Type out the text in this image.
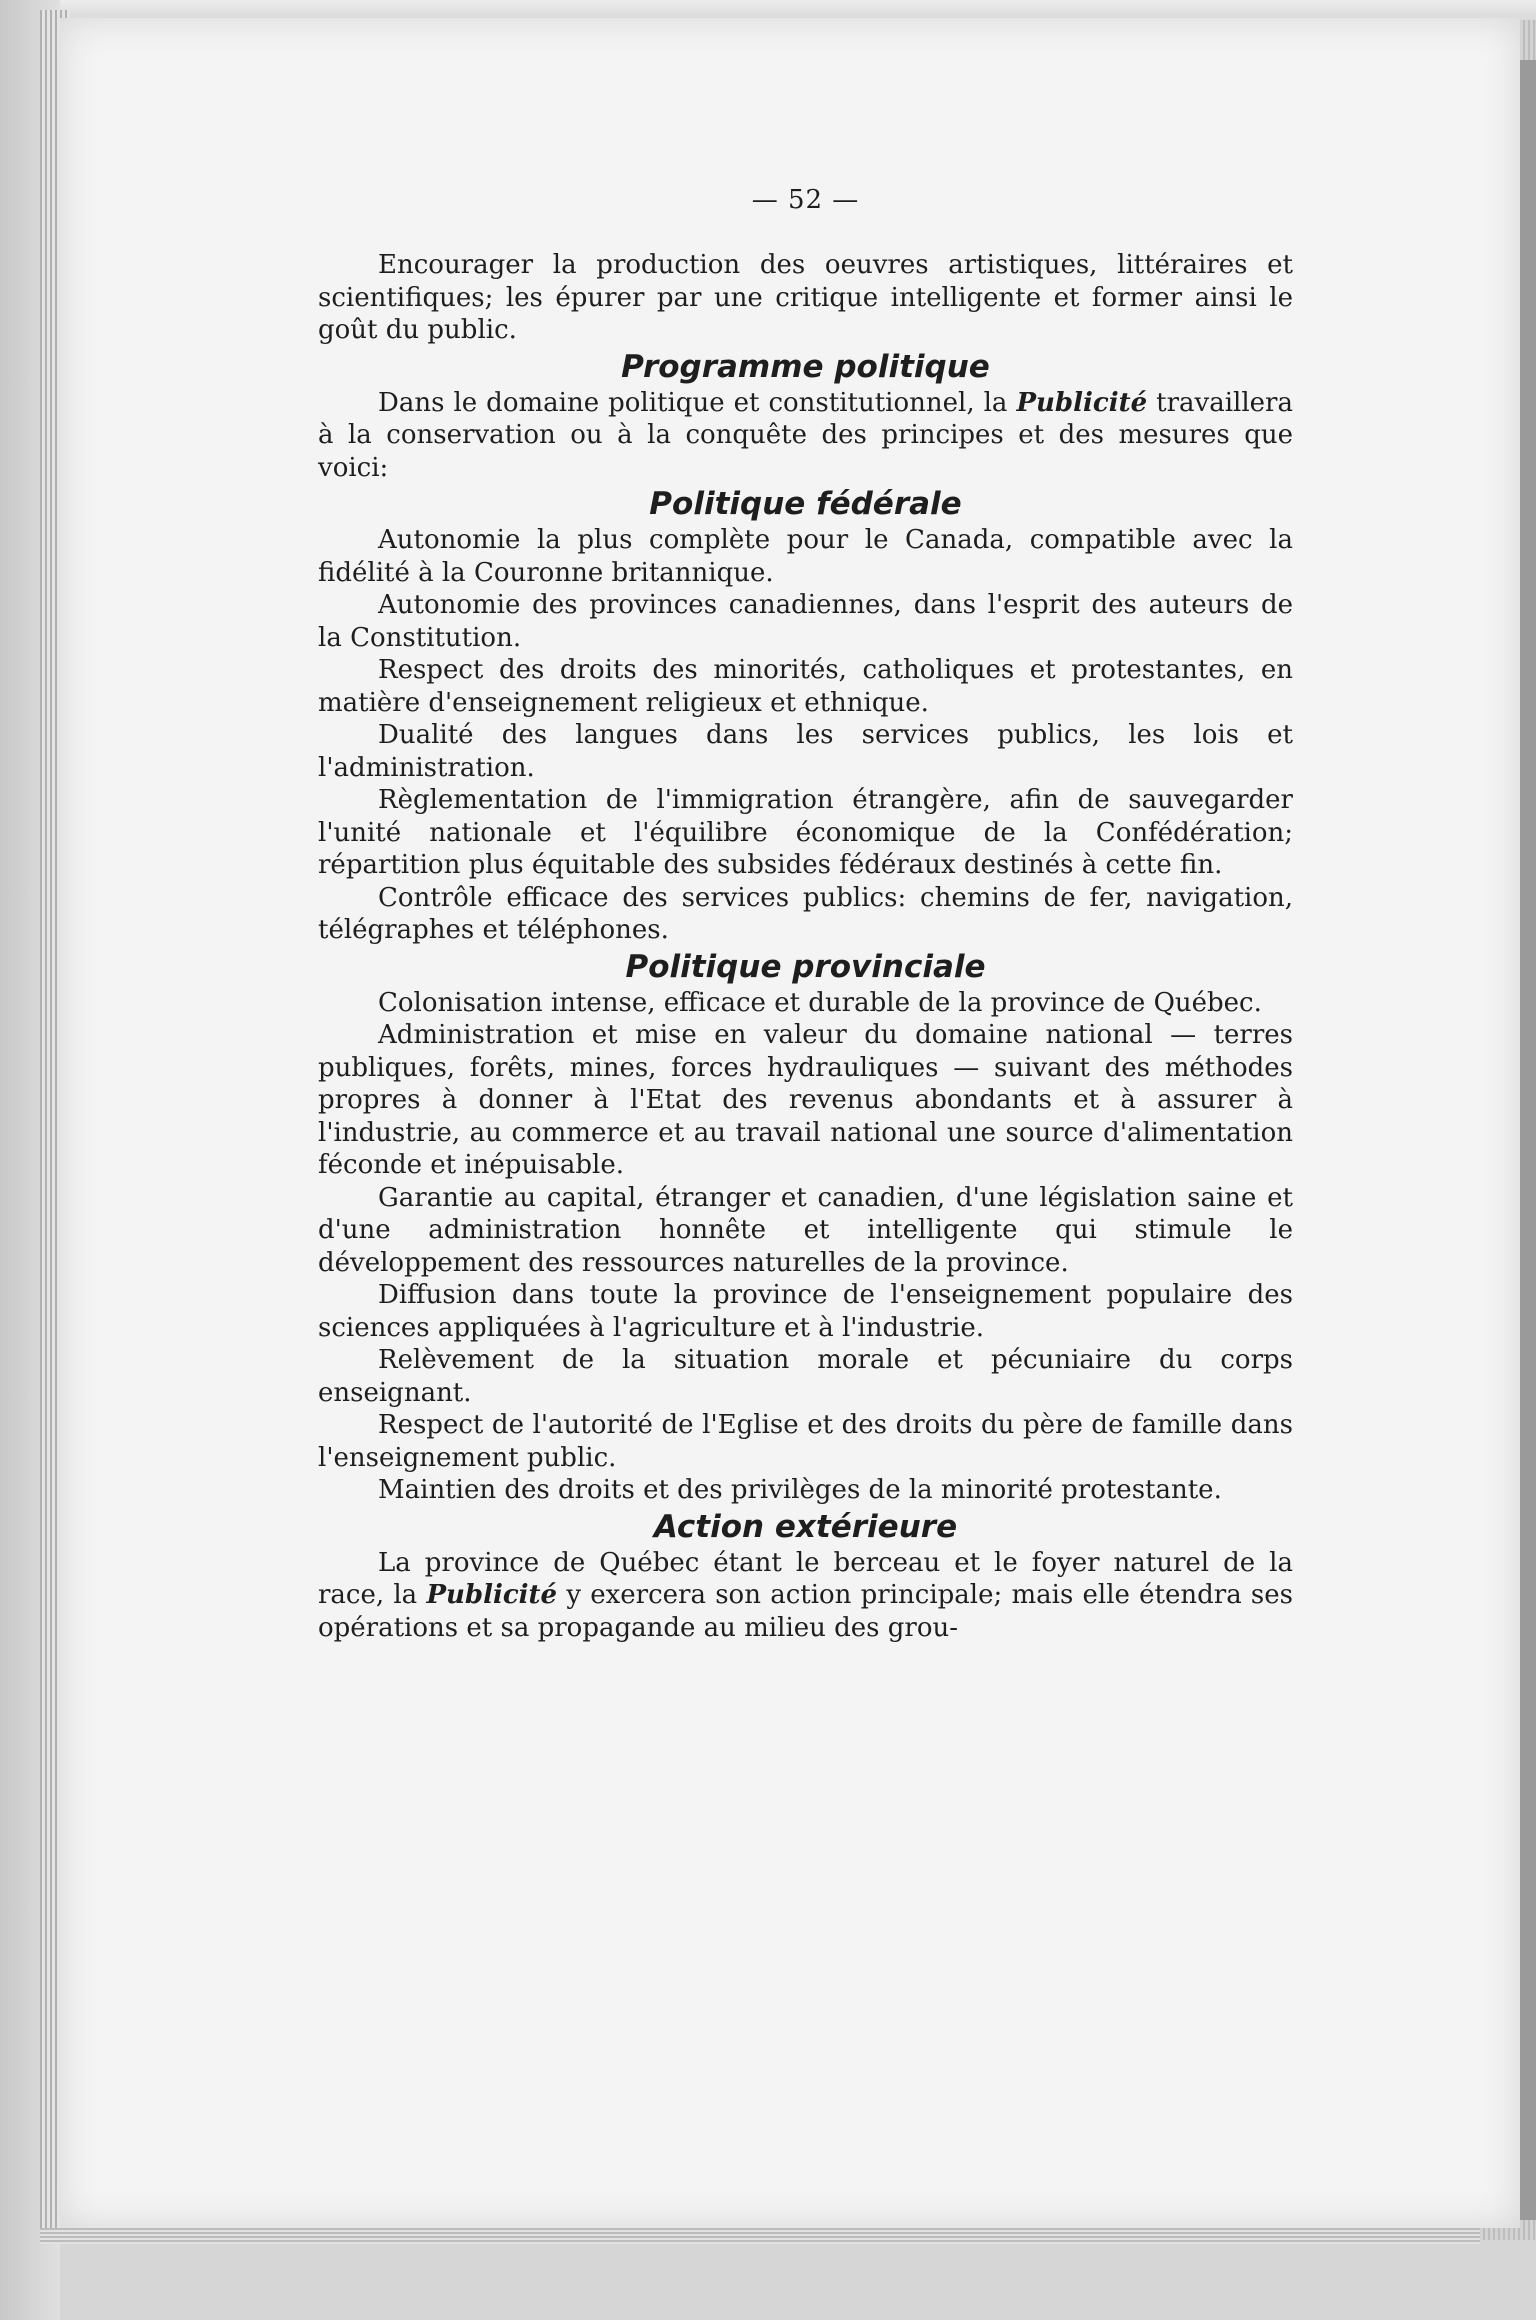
— 52 —

Encourager la production des oeuvres artistiques, littéraires et scientifiques; les épurer par une critique intelligente et former ainsi le goût du public.

Programme politique

Dans le domaine politique et constitutionnel, la Publicité travaillera à la conservation ou à la conquête des principes et des mesures que voici:

Politique fédérale

Autonomie la plus complète pour le Canada, compatible avec la fidélité à la Couronne britannique.

Autonomie des provinces canadiennes, dans l'esprit des auteurs de la Constitution.

Respect des droits des minorités, catholiques et protestantes, en matière d'enseignement religieux et ethnique.

Dualité des langues dans les services publics, les lois et l'administration.

Règlementation de l'immigration étrangère, afin de sauvegarder l'unité nationale et l'équilibre économique de la Confédération; répartition plus équitable des subsides fédéraux destinés à cette fin.

Contrôle efficace des services publics: chemins de fer, navigation, télégraphes et téléphones.

Politique provinciale

Colonisation intense, efficace et durable de la province de Québec.

Administration et mise en valeur du domaine national — terres publiques, forêts, mines, forces hydrauliques — suivant des méthodes propres à donner à l'Etat des revenus abondants et à assurer à l'industrie, au commerce et au travail national une source d'alimentation féconde et inépuisable.

Garantie au capital, étranger et canadien, d'une législation saine et d'une administration honnête et intelligente qui stimule le développement des ressources naturelles de la province.

Diffusion dans toute la province de l'enseignement populaire des sciences appliquées à l'agriculture et à l'industrie.

Relèvement de la situation morale et pécuniaire du corps enseignant.

Respect de l'autorité de l'Eglise et des droits du père de famille dans l'enseignement public.

Maintien des droits et des privilèges de la minorité protestante.

Action extérieure

La province de Québec étant le berceau et le foyer naturel de la race, la Publicité y exercera son action principale; mais elle étendra ses opérations et sa propagande au milieu des grou-
